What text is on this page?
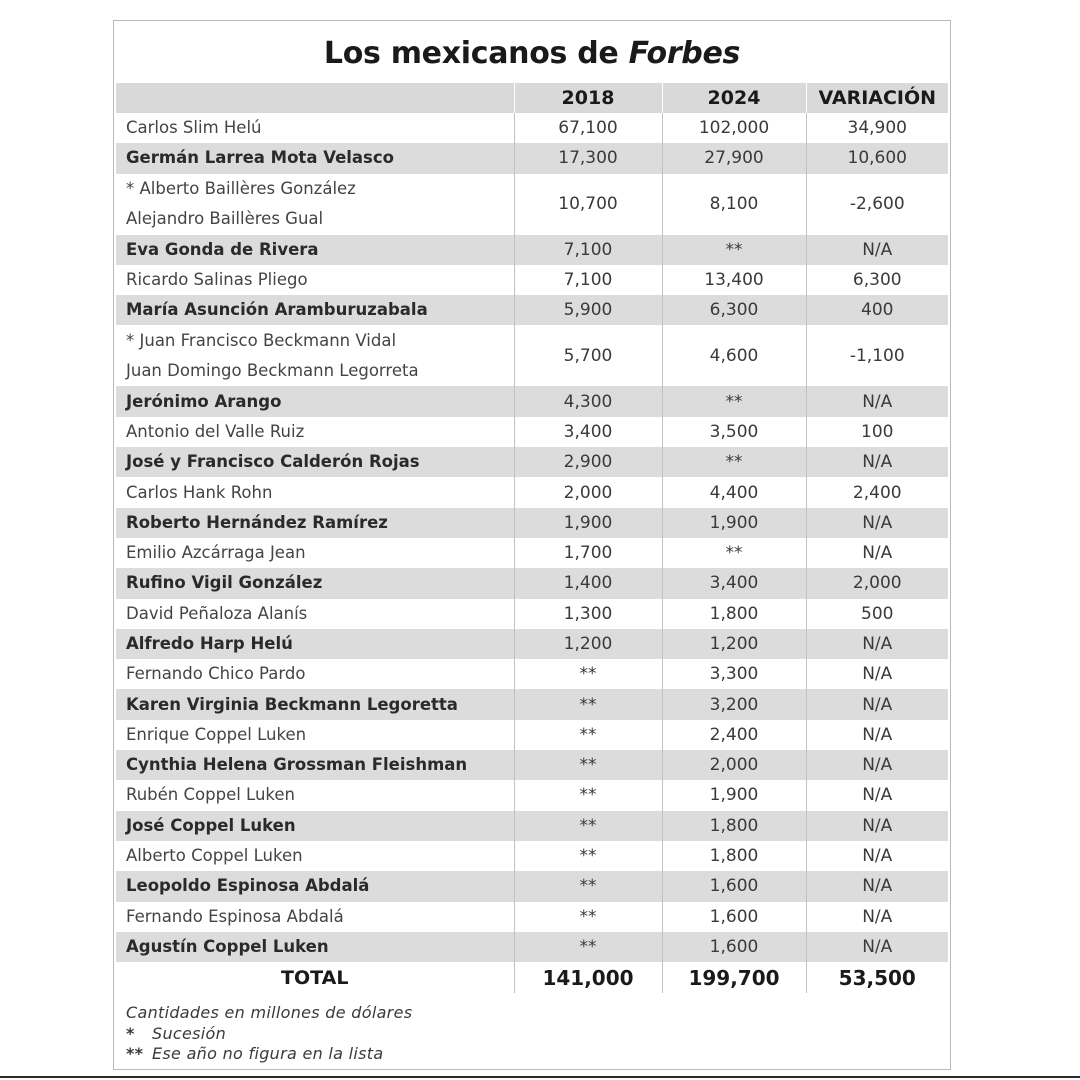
Los mexicanos de Forbes
	2018	2024	VARIACIÓN

Carlos Slim Helú	67,100	102,000	34,900

Germán Larrea Mota Velasco	17,300	27,900	10,600

* Alberto Baillères González
Alejandro Baillères Gual	10,700	8,100	-2,600

Eva Gonda de Rivera	7,100	**	N/A

Ricardo Salinas Pliego	7,100	13,400	6,300

María Asunción Aramburuzabala	5,900	6,300	400

* Juan Francisco Beckmann Vidal
Juan Domingo Beckmann Legorreta	5,700	4,600	-1,100

Jerónimo Arango	4,300	**	N/A

Antonio del Valle Ruiz	3,400	3,500	100

José y Francisco Calderón Rojas	2,900	**	N/A

Carlos Hank Rohn	2,000	4,400	2,400

Roberto Hernández Ramírez	1,900	1,900	N/A

Emilio Azcárraga Jean	1,700	**	N/A

Rufino Vigil González	1,400	3,400	2,000

David Peñaloza Alanís	1,300	1,800	500

Alfredo Harp Helú	1,200	1,200	N/A

Fernando Chico Pardo	**	3,300	N/A

Karen Virginia Beckmann Legoretta	**	3,200	N/A

Enrique Coppel Luken	**	2,400	N/A

Cynthia Helena Grossman Fleishman	**	2,000	N/A

Rubén Coppel Luken	**	1,900	N/A

José Coppel Luken	**	1,800	N/A

Alberto Coppel Luken	**	1,800	N/A

Leopoldo Espinosa Abdalá	**	1,600	N/A

Fernando Espinosa Abdalá	**	1,600	N/A

Agustín Coppel Luken	**	1,600	N/A
TOTAL	141,000	199,700	53,500
Cantidades en millones de dólares
* Sucesión
** Ese año no figura en la lista
